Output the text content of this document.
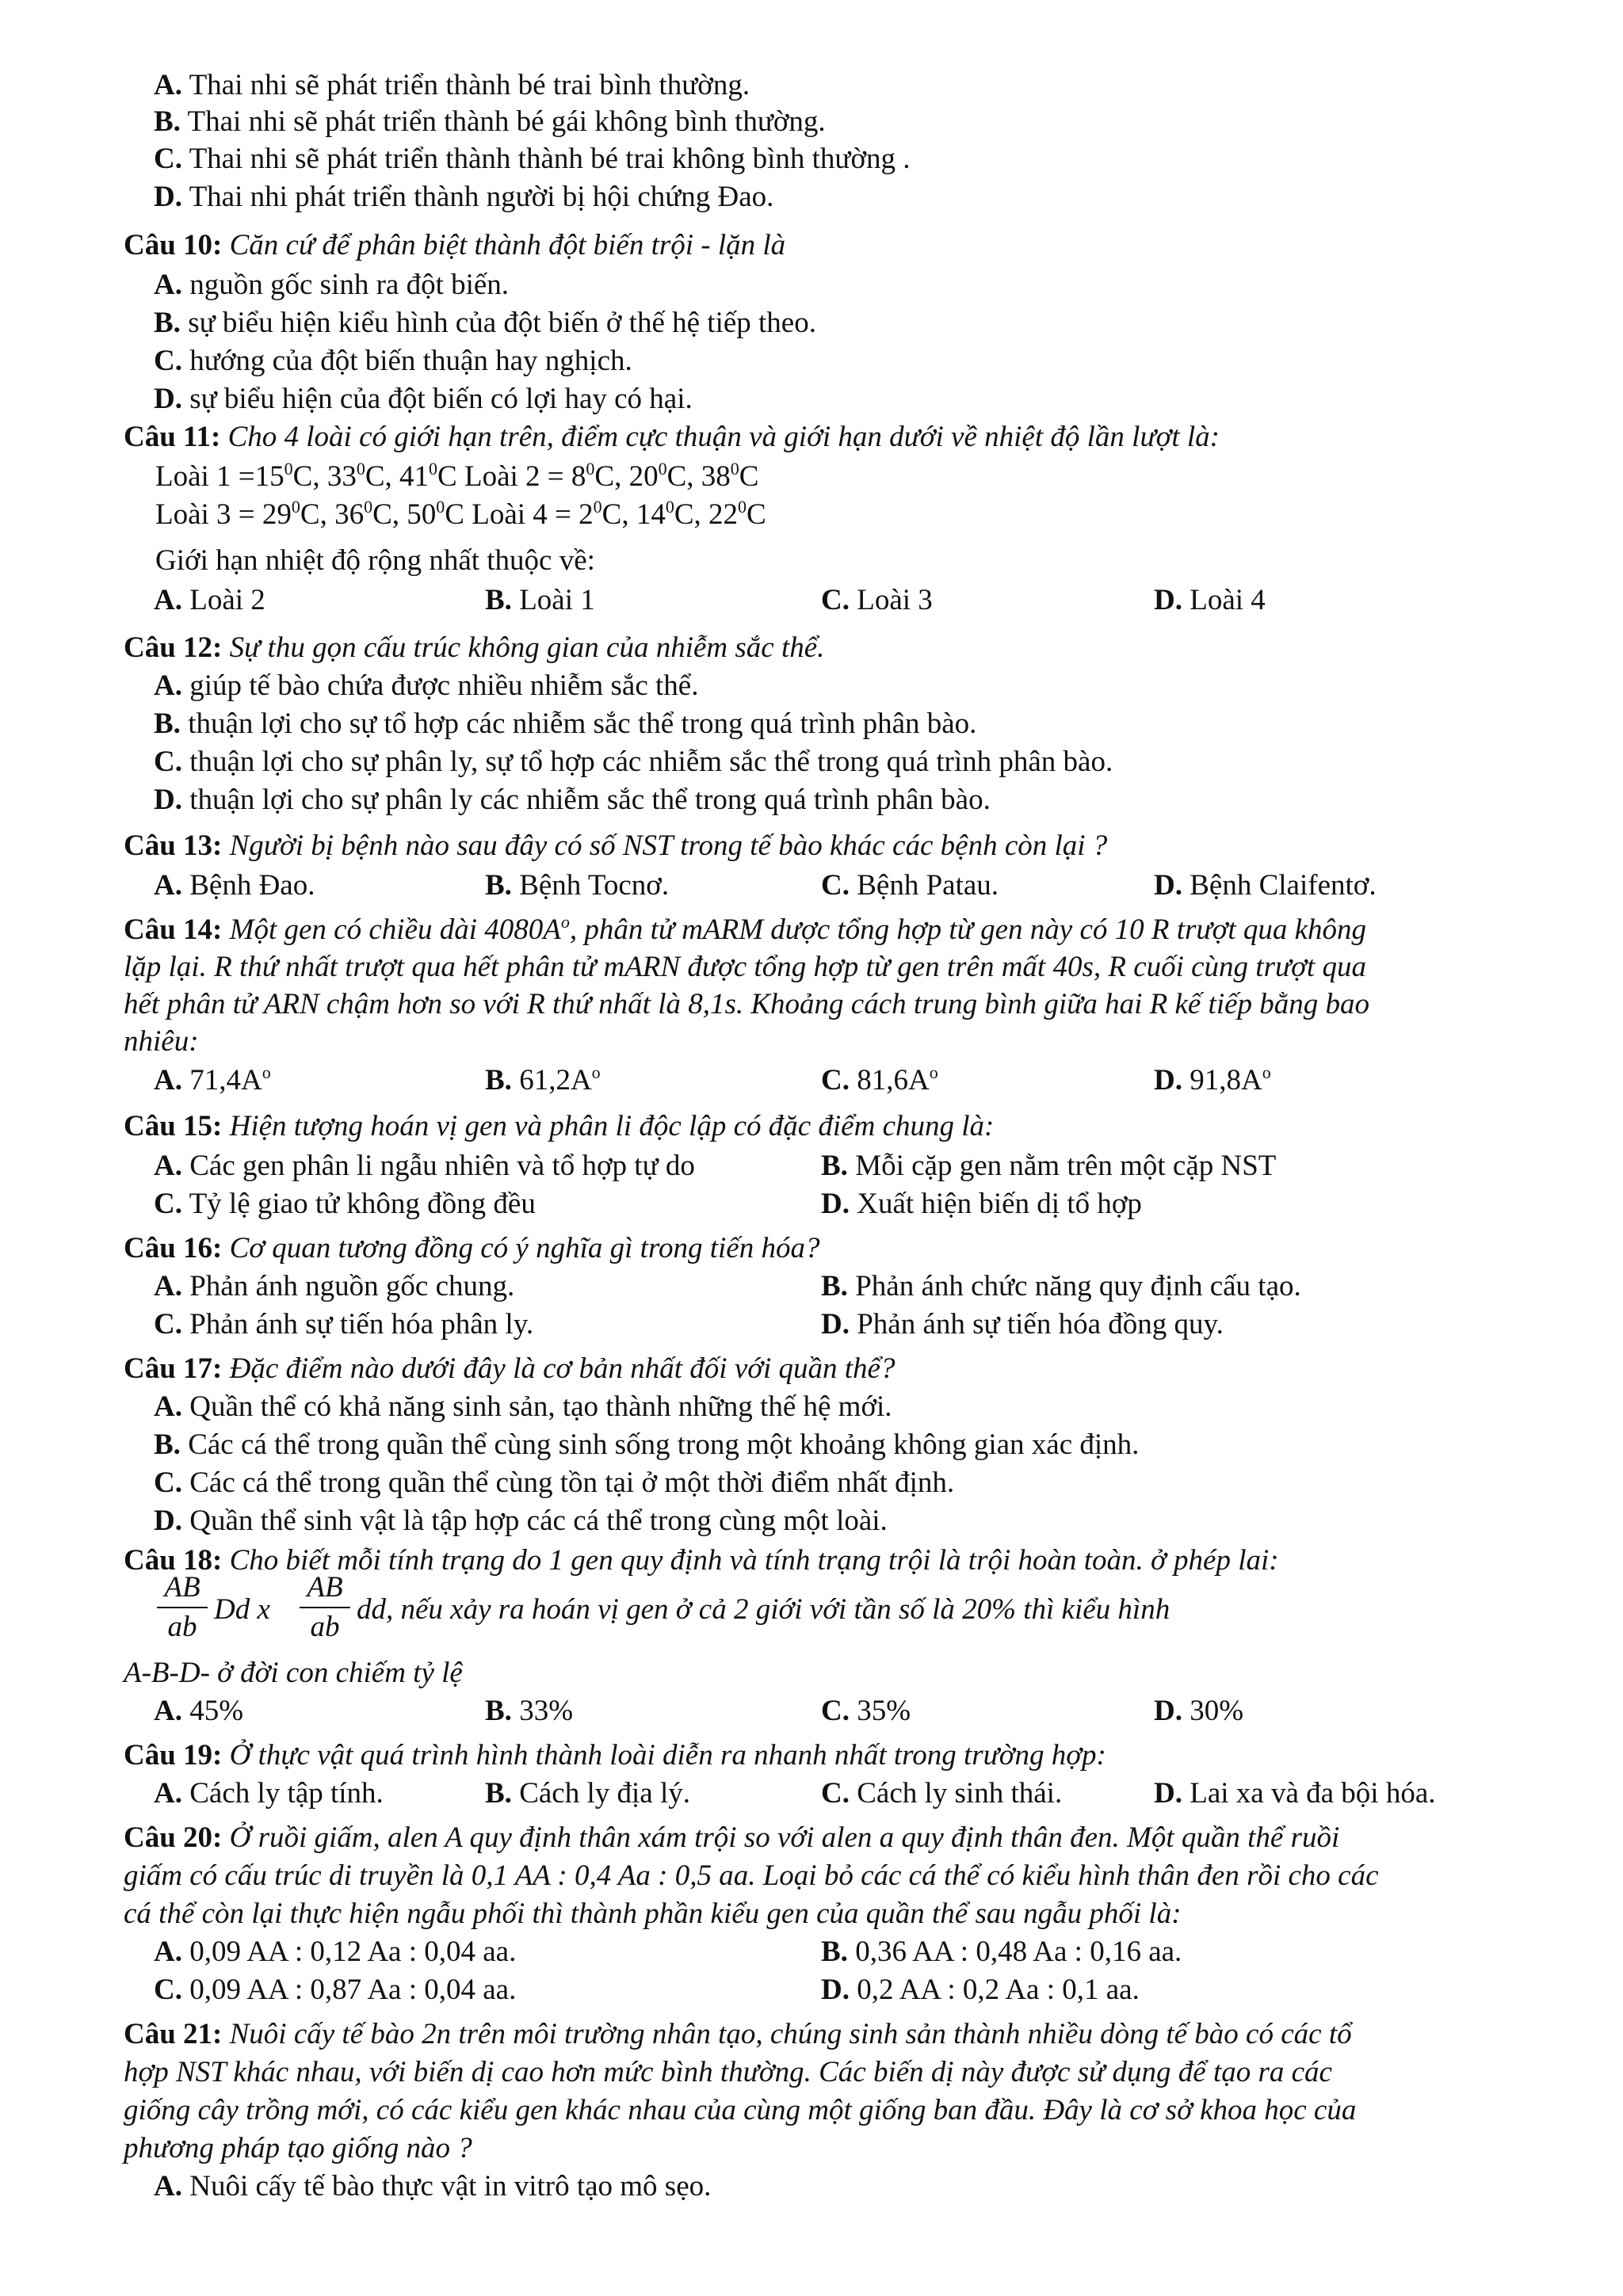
A. Thai nhi sẽ phát triển thành bé trai bình thường.
B. Thai nhi sẽ phát triển thành bé gái không bình thường.
C. Thai nhi sẽ phát triển thành thành bé trai không bình thường .
D. Thai nhi phát triển thành người bị hội chứng Đao.
Câu 10: Căn cứ để phân biệt thành đột biến trội - lặn là
A. nguồn gốc sinh ra đột biến.
B. sự biểu hiện kiểu hình của đột biến ở thế hệ tiếp theo.
C. hướng của đột biến thuận hay nghịch.
D. sự biểu hiện của đột biến có lợi hay có hại.
Câu 11: Cho 4 loài có giới hạn trên, điểm cực thuận và giới hạn dưới về nhiệt độ lần lượt là:
Loài $1 =15^0C$, $33^0C$, $41^0C$ Loài $2 = 8^0C$, $20^0C$, $38^0C$
Loài $3 = 29^0C$, $36^0C$, $50^0C$ Loài $4 = 2^0C$, $14^0C$, $22^0C$
Giới hạn nhiệt độ rộng nhất thuộc về:
A. Loài 2	B. Loài 1	C. Loài 3	D. Loài 4
Câu 12: Sự thu gọn cấu trúc không gian của nhiễm sắc thể.
A. giúp tế bào chứa được nhiều nhiễm sắc thể.
B. thuận lợi cho sự tổ hợp các nhiễm sắc thể trong quá trình phân bào.
C. thuận lợi cho sự phân ly, sự tổ hợp các nhiễm sắc thể trong quá trình phân bào.
D. thuận lợi cho sự phân ly các nhiễm sắc thể trong quá trình phân bào.
Câu 13: Người bị bệnh nào sau đây có số NST trong tế bào khác các bệnh còn lại ?
A. Bệnh Đao.	B. Bệnh Tocnơ.	C. Bệnh Patau.	D. Bệnh Claifentơ.
Câu 14: Một gen có chiều dài $4080A^o$, phân tử mARM dược tổng hợp từ gen này có 10 R trượt qua không
lặp lại. R thứ nhất trượt qua hết phân tử mARN được tổng hợp từ gen trên mất 40s, R cuối cùng trượt qua
hết phân tử ARN chậm hơn so với R thứ nhất là 8,1s. Khoảng cách trung bình giữa hai R kế tiếp bằng bao
nhiêu:
A. $71,4A^o$	B. $61,2A^o$	C. $81,6A^o$	D. $91,8A^o$
Câu 15: Hiện tượng hoán vị gen và phân li độc lập có đặc điểm chung là:
A. Các gen phân li ngẫu nhiên và tổ hợp tự do	B. Mỗi cặp gen nằm trên một cặp NST
C. Tỷ lệ giao tử không đồng đều	D. Xuất hiện biến dị tổ hợp
Câu 16: Cơ quan tương đồng có ý nghĩa gì trong tiến hóa?
A. Phản ánh nguồn gốc chung.	B. Phản ánh chức năng quy định cấu tạo.
C. Phản ánh sự tiến hóa phân ly.	D. Phản ánh sự tiến hóa đồng quy.
Câu 17: Đặc điểm nào dưới đây là cơ bản nhất đối với quần thể?
A. Quần thể có khả năng sinh sản, tạo thành những thế hệ mới.
B. Các cá thể trong quần thể cùng sinh sống trong một khoảng không gian xác định.
C. Các cá thể trong quần thể cùng tồn tại ở một thời điểm nhất định.
D. Quần thể sinh vật là tập hợp các cá thể trong cùng một loài.
Câu 18: Cho biết mỗi tính trạng do 1 gen quy định và tính trạng trội là trội hoàn toàn. ở phép lai:
AB
ab
Dd x
AB
ab
dd, nếu xảy ra hoán vị gen ở cả 2 giới với tần số là 20% thì kiểu hình
A-B-D- ở đời con chiếm tỷ lệ
A. 45%	B. 33%	C. 35%	D. 30%
Câu 19: Ở thực vật quá trình hình thành loài diễn ra nhanh nhất trong trường hợp:
A. Cách ly tập tính.	B. Cách ly địa lý.	C. Cách ly sinh thái.	D. Lai xa và đa bội hóa.
Câu 20: Ở ruồi giấm, alen A quy định thân xám trội so với alen a quy định thân đen. Một quần thể ruồi
giấm có cấu trúc di truyền là 0,1 AA : 0,4 Aa : 0,5 aa. Loại bỏ các cá thể có kiểu hình thân đen rồi cho các
cá thể còn lại thực hiện ngẫu phối thì thành phần kiểu gen của quần thể sau ngẫu phối là:
A. 0,09 AA : 0,12 Aa : 0,04 aa.	B. 0,36 AA : 0,48 Aa : 0,16 aa.
C. 0,09 AA : 0,87 Aa : 0,04 aa.	D. 0,2 AA : 0,2 Aa : 0,1 aa.
Câu 21: Nuôi cấy tế bào 2n trên môi trường nhân tạo, chúng sinh sản thành nhiều dòng tế bào có các tổ
hợp NST khác nhau, với biến dị cao hơn mức bình thường. Các biến dị này được sử dụng để tạo ra các
giống cây trồng mới, có các kiểu gen khác nhau của cùng một giống ban đầu. Đây là cơ sở khoa học của
phương pháp tạo giống nào ?
A. Nuôi cấy tế bào thực vật in vitrô tạo mô sẹo.
